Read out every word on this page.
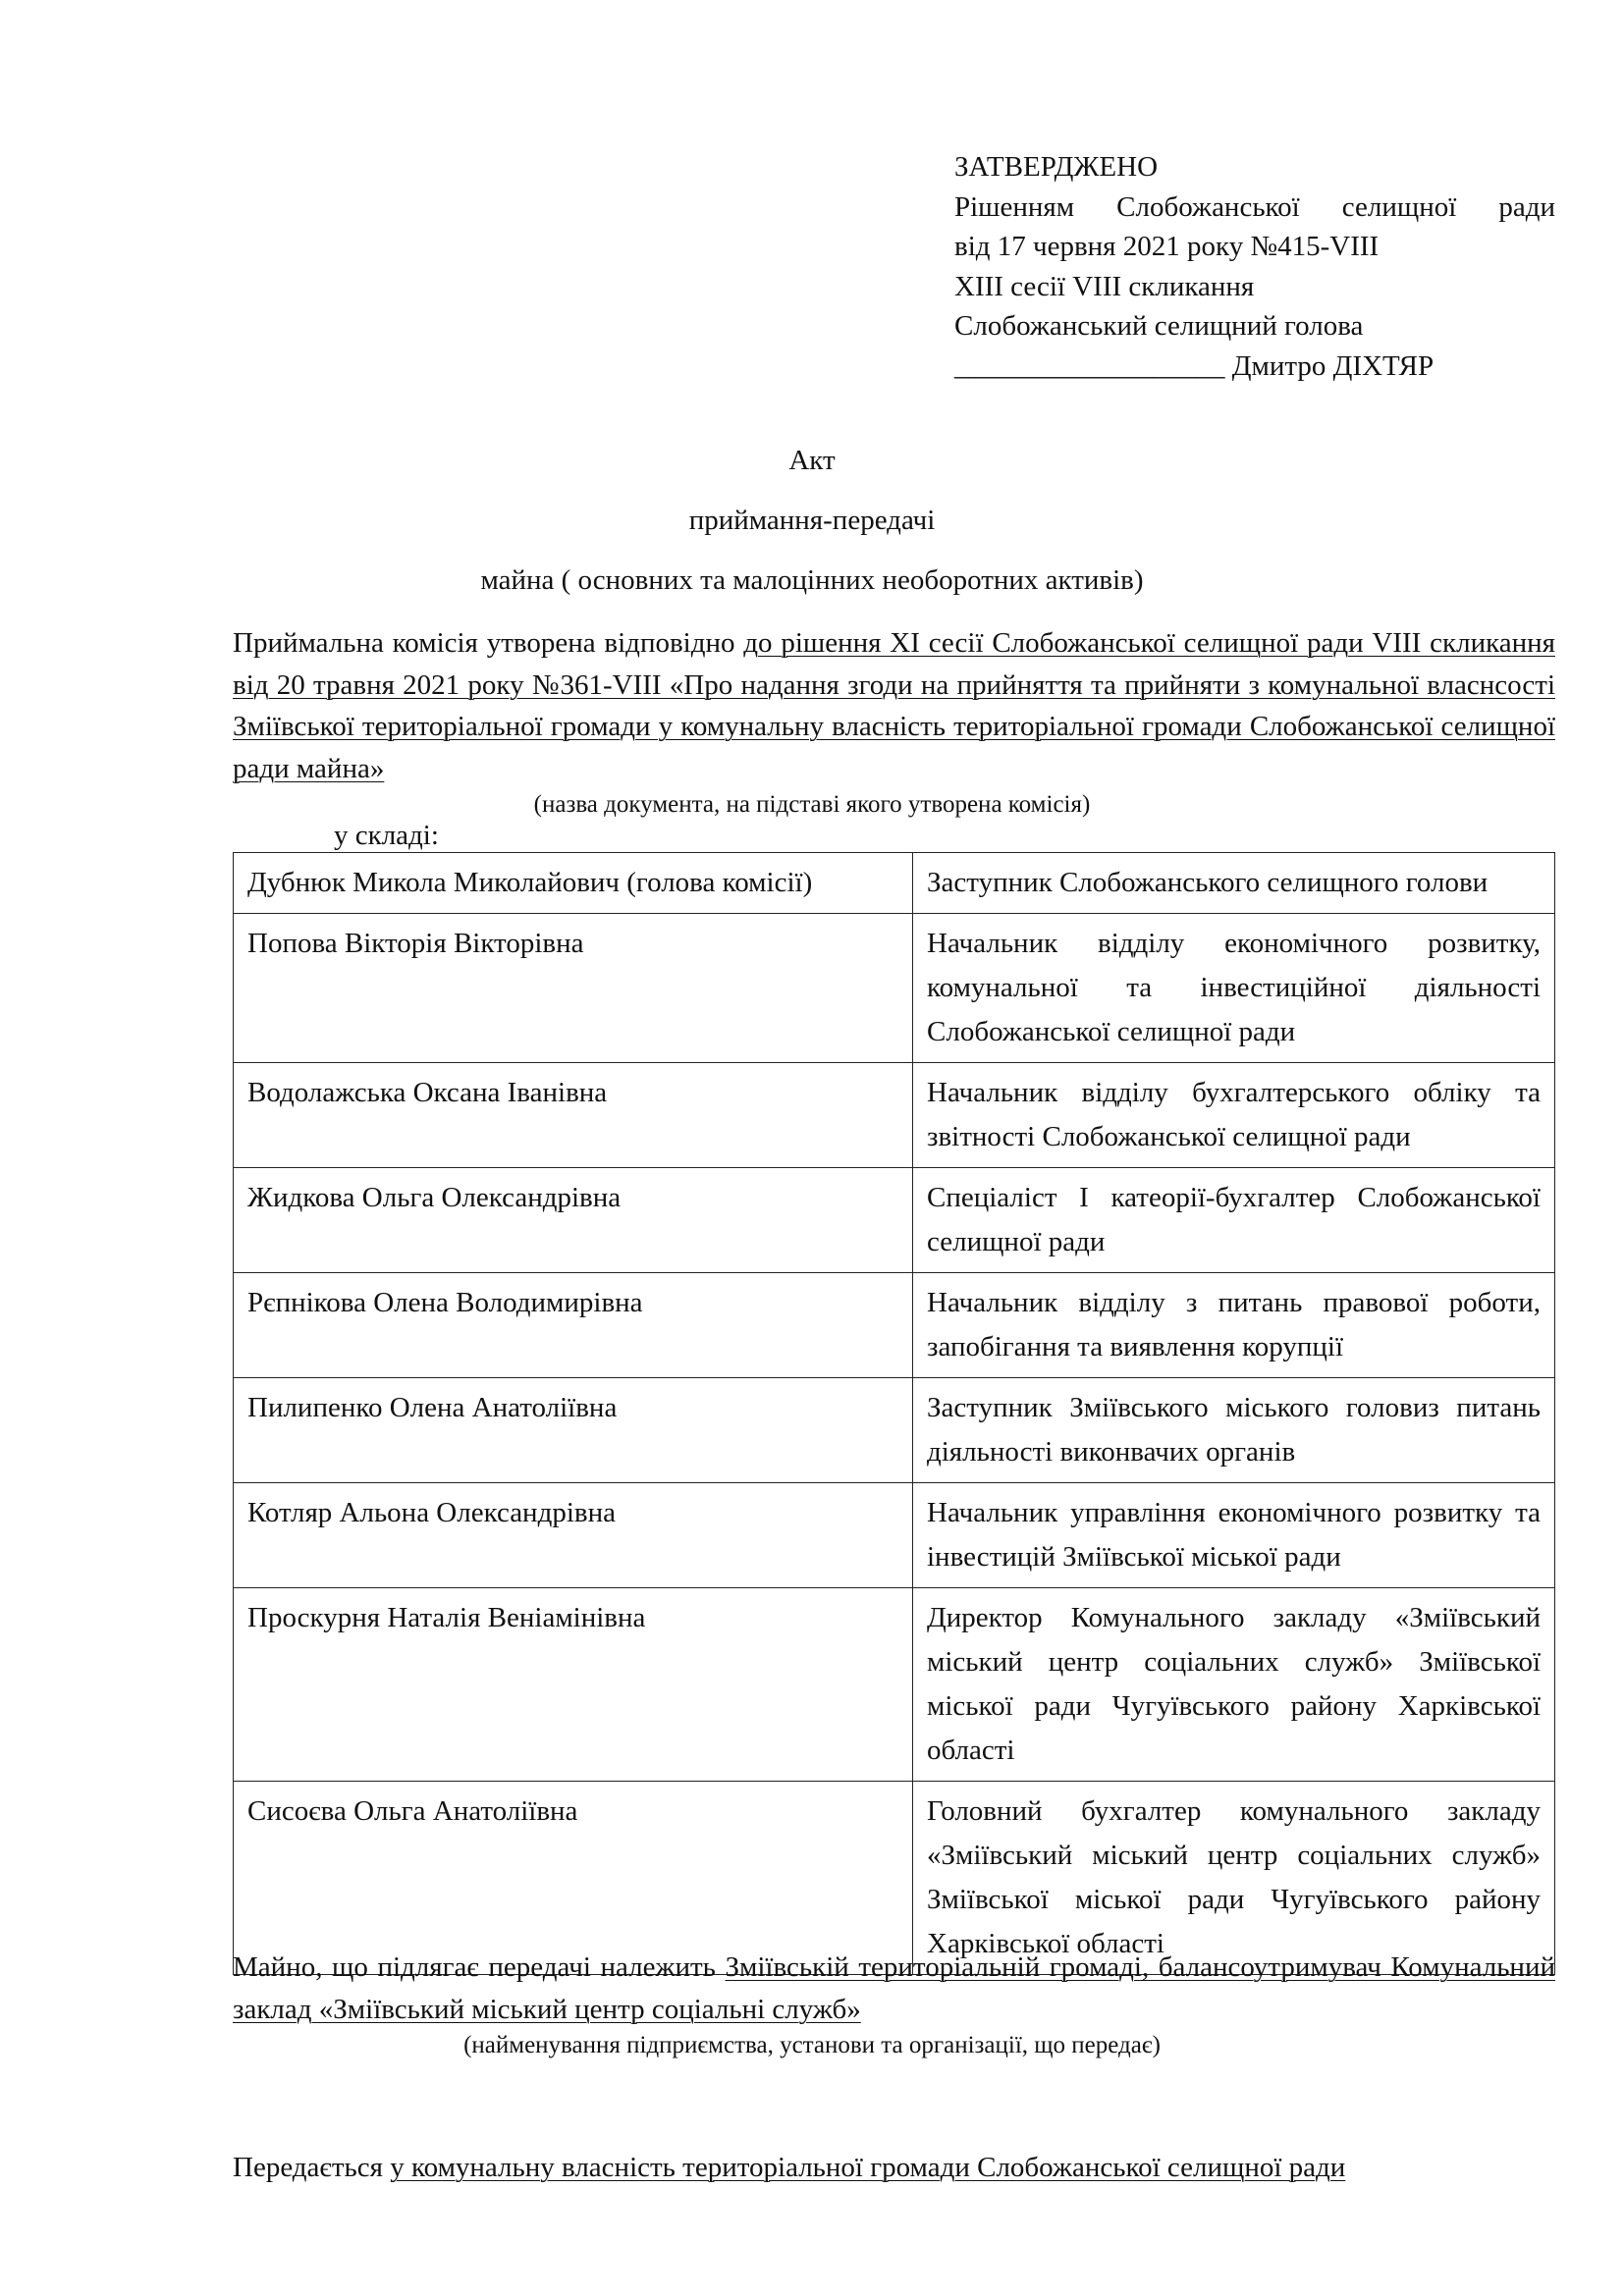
ЗАТВЕРДЖЕНО
Рішенням Слобожанської селищної ради
від 17 червня 2021 року №415-VIII
XIII сесії VIII скликання
Слобожанський селищний голова
___________________ Дмитро ДІХТЯР
Акт
приймання-передачі
майна ( основних та малоцінних необоротних активів)
Приймальна комісія утворена відповідно до рішення XI сесії Слобожанської селищної ради VIII скликання від 20 травня 2021 року №361-VIII «Про надання згоди на прийняття та прийняти з комунальної власнсості Зміївської територіальної громади у комунальну власність територіальної громади Слобожанської селищної ради майна»
(назва документа, на підставі якого утворена комісія)
у складі:
Дубнюк Микола Миколайович (голова комісії)	Заступник Слобожанського селищного голови
Попова Вікторія Вікторівна	Начальник відділу економічного розвитку, комунальної та інвестиційної діяльності Слобожанської селищної ради
Водолажська Оксана Іванівна	Начальник відділу бухгалтерського обліку та звітності Слобожанської селищної ради
Жидкова Ольга Олександрівна	Спеціаліст І катеорії-бухгалтер Слобожанської селищної ради
Рєпнікова Олена Володимирівна	Начальник відділу з питань правової роботи, запобігання та виявлення корупції
Пилипенко Олена Анатоліївна	Заступник Зміївського міського головиз питань діяльності виконвачих органів
Котляр Альона Олександрівна	Начальник управління економічного розвитку та інвестицій Зміївської міської ради
Проскурня Наталія Веніамінівна	Директор Комунального закладу «Зміївський міський центр соціальних служб» Зміївської міської ради Чугуївського району Харківської області
Сисоєва Ольга Анатоліївна	Головний бухгалтер комунального закладу «Зміївський міський центр соціальних служб» Зміївської міської ради Чугуївського району Харківської області
Майно, що підлягає передачі належить Зміївській територіальній громаді, балансоутримувач Комунальний заклад «Зміївський міський центр соціальні служб»
(найменування підприємства, установи та організації, що передає)
Передається у комунальну власність територіальної громади Слобожанської селищної ради
